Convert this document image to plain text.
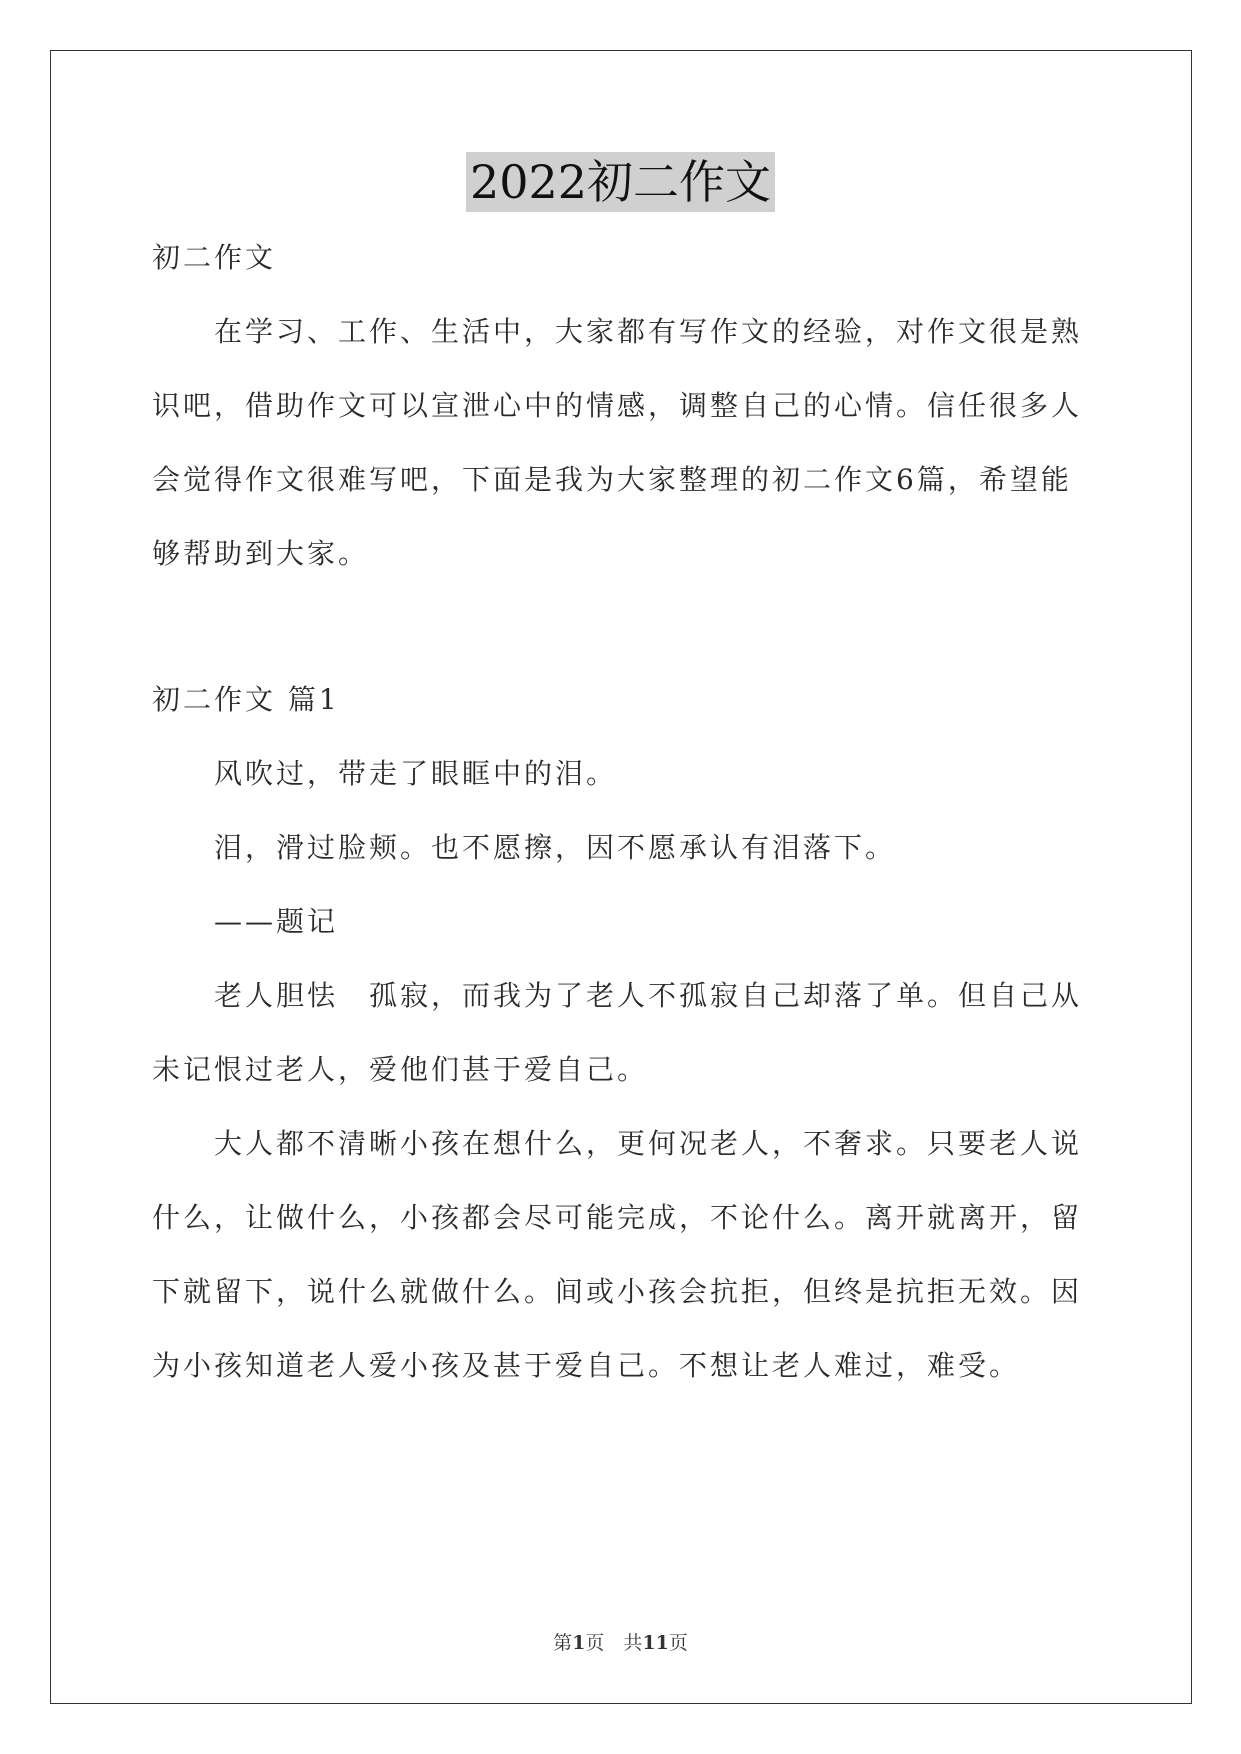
2022初二作文
初二作文
在学习、工作、生活中，大家都有写作文的经验，对作文很是熟
识吧，借助作文可以宣泄心中的情感，调整自己的心情。信任很多人
会觉得作文很难写吧，下面是我为大家整理的初二作文6篇，希望能
够帮助到大家。
初二作文 篇1
风吹过，带走了眼眶中的泪。
泪，滑过脸颊。也不愿擦，因不愿承认有泪落下。
——题记
老人胆怯　孤寂，而我为了老人不孤寂自己却落了单。但自己从
未记恨过老人，爱他们甚于爱自己。
大人都不清晰小孩在想什么，更何况老人，不奢求。只要老人说
什么，让做什么，小孩都会尽可能完成，不论什么。离开就离开，留
下就留下，说什么就做什么。间或小孩会抗拒，但终是抗拒无效。因
为小孩知道老人爱小孩及甚于爱自己。不想让老人难过，难受。
第1页　共11页
